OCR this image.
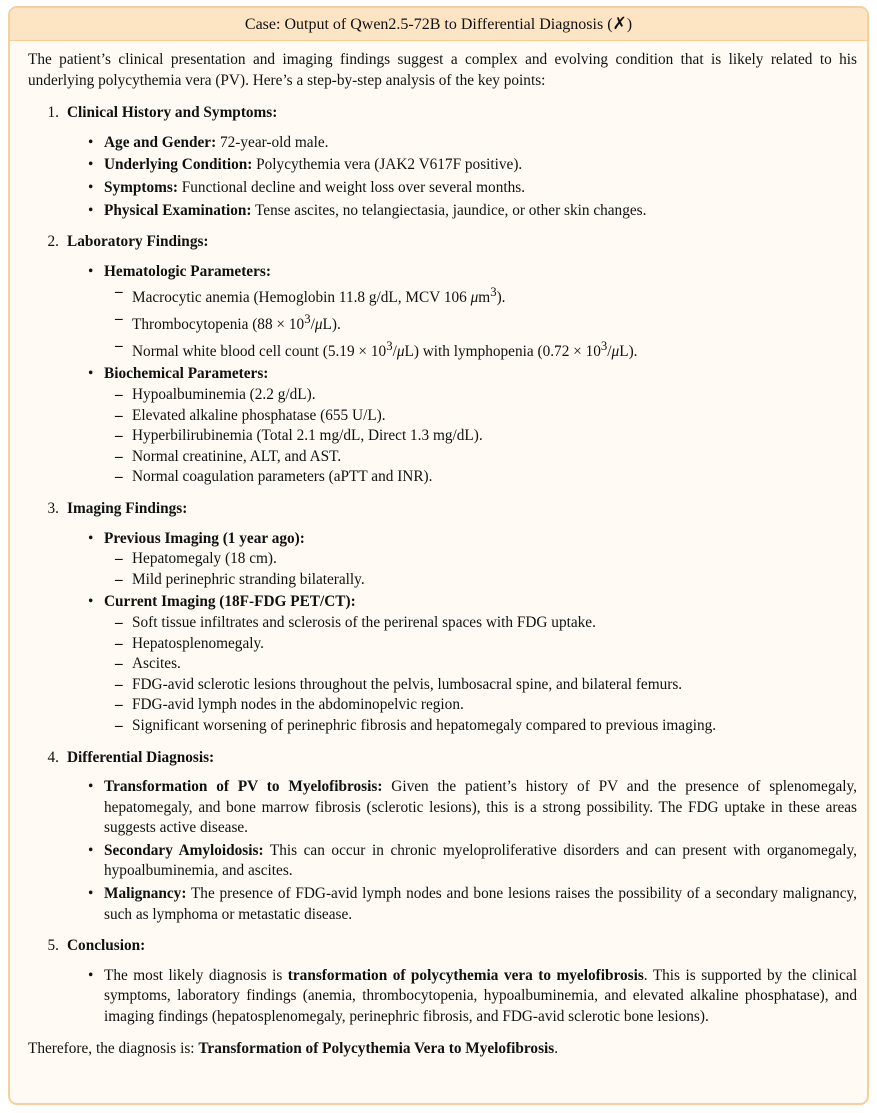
Case: Output of Qwen2.5-72B to Differential Diagnosis (✗)

The patient’s clinical presentation and imaging findings suggest a complex and evolving condition that is likely related to his underlying polycythemia vera (PV). Here’s a step-by-step analysis of the key points:

1. Clinical History and Symptoms:
• Age and Gender: 72-year-old male.
• Underlying Condition: Polycythemia vera (JAK2 V617F positive).
• Symptoms: Functional decline and weight loss over several months.
• Physical Examination: Tense ascites, no telangiectasia, jaundice, or other skin changes.
2. Laboratory Findings:
• Hematologic Parameters:
– Macrocytic anemia (Hemoglobin 11.8 g/dL, MCV 106 $\mu m^3$).
– Thrombocytopenia $(88 \times 10^3/\mu L)$.
– Normal white blood cell count $(5.19 \times 10^3/\mu L)$ with lymphopenia $(0.72 \times 10^3/\mu L)$.
• Biochemical Parameters:
– Hypoalbuminemia (2.2 g/dL).
– Elevated alkaline phosphatase (655 U/L).
– Hyperbilirubinemia (Total 2.1 mg/dL, Direct 1.3 mg/dL).
– Normal creatinine, ALT, and AST.
– Normal coagulation parameters (aPTT and INR).
3. Imaging Findings:
• Previous Imaging (1 year ago):
– Hepatomegaly (18 cm).
– Mild perinephric stranding bilaterally.
• Current Imaging (18F-FDG PET/CT):
– Soft tissue infiltrates and sclerosis of the perirenal spaces with FDG uptake.
– Hepatosplenomegaly.
– Ascites.
– FDG-avid sclerotic lesions throughout the pelvis, lumbosacral spine, and bilateral femurs.
– FDG-avid lymph nodes in the abdominopelvic region.
– Significant worsening of perinephric fibrosis and hepatomegaly compared to previous imaging.
4. Differential Diagnosis:
• Transformation of PV to Myelofibrosis: Given the patient’s history of PV and the presence of splenomegaly, hepatomegaly, and bone marrow fibrosis (sclerotic lesions), this is a strong possibility. The FDG uptake in these areas suggests active disease.
• Secondary Amyloidosis: This can occur in chronic myeloproliferative disorders and can present with organomegaly, hypoalbuminemia, and ascites.
• Malignancy: The presence of FDG-avid lymph nodes and bone lesions raises the possibility of a secondary malignancy, such as lymphoma or metastatic disease.
5. Conclusion:
• The most likely diagnosis is transformation of polycythemia vera to myelofibrosis. This is supported by the clinical symptoms, laboratory findings (anemia, thrombocytopenia, hypoalbuminemia, and elevated alkaline phosphatase), and imaging findings (hepatosplenomegaly, perinephric fibrosis, and FDG-avid sclerotic bone lesions).

Therefore, the diagnosis is: Transformation of Polycythemia Vera to Myelofibrosis.
